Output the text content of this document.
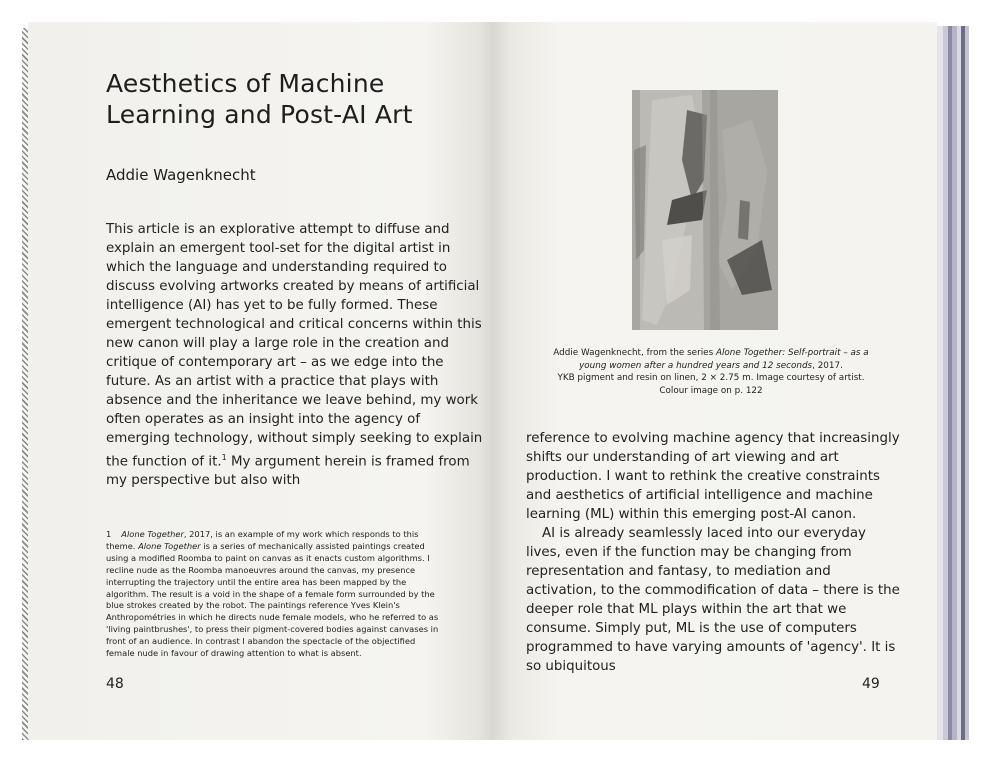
Aesthetics of Machine Learning and Post-AI Art
Addie Wagenknecht

This article is an explorative attempt to diffuse and explain an emergent tool-set for the digital artist in which the language and understanding required to discuss evolving artworks created by means of artificial intelligence (AI) has yet to be fully formed. These emergent technological and critical concerns within this new canon will play a large role in the creation and critique of contemporary art – as we edge into the future. As an artist with a practice that plays with absence and the inheritance we leave behind, my work often operates as an insight into the agency of emerging technology, without simply seeking to explain the function of it.$^1$ My argument herein is framed from my perspective but also with

1 Alone Together, 2017, is an example of my work which responds to this theme. Alone Together is a series of mechanically assisted paintings created using a modified Roomba to paint on canvas as it enacts custom algorithms. I recline nude as the Roomba manoeuvres around the canvas, my presence interrupting the trajectory until the entire area has been mapped by the algorithm. The result is a void in the shape of a female form surrounded by the blue strokes created by the robot. The paintings reference Yves Klein's Anthropométries in which he directs nude female models, who he referred to as 'living paintbrushes', to press their pigment-covered bodies against canvases in front of an audience. In contrast I abandon the spectacle of the objectified female nude in favour of drawing attention to what is absent.

48

Addie Wagenknecht, from the series Alone Together: Self-portrait – as a young women after a hundred years and 12 seconds, 2017.

YKB pigment and resin on linen, 2 × 2.75 m. Image courtesy of artist.

Colour image on p. 122

reference to evolving machine agency that increasingly shifts our understanding of art viewing and art production. I want to rethink the creative constraints and aesthetics of artificial intelligence and machine learning (ML) within this emerging post-AI canon.

AI is already seamlessly laced into our everyday lives, even if the function may be changing from representation and fantasy, to mediation and activation, to the commodification of data – there is the deeper role that ML plays within the art that we consume. Simply put, ML is the use of computers programmed to have varying amounts of 'agency'. It is so ubiquitous

49
